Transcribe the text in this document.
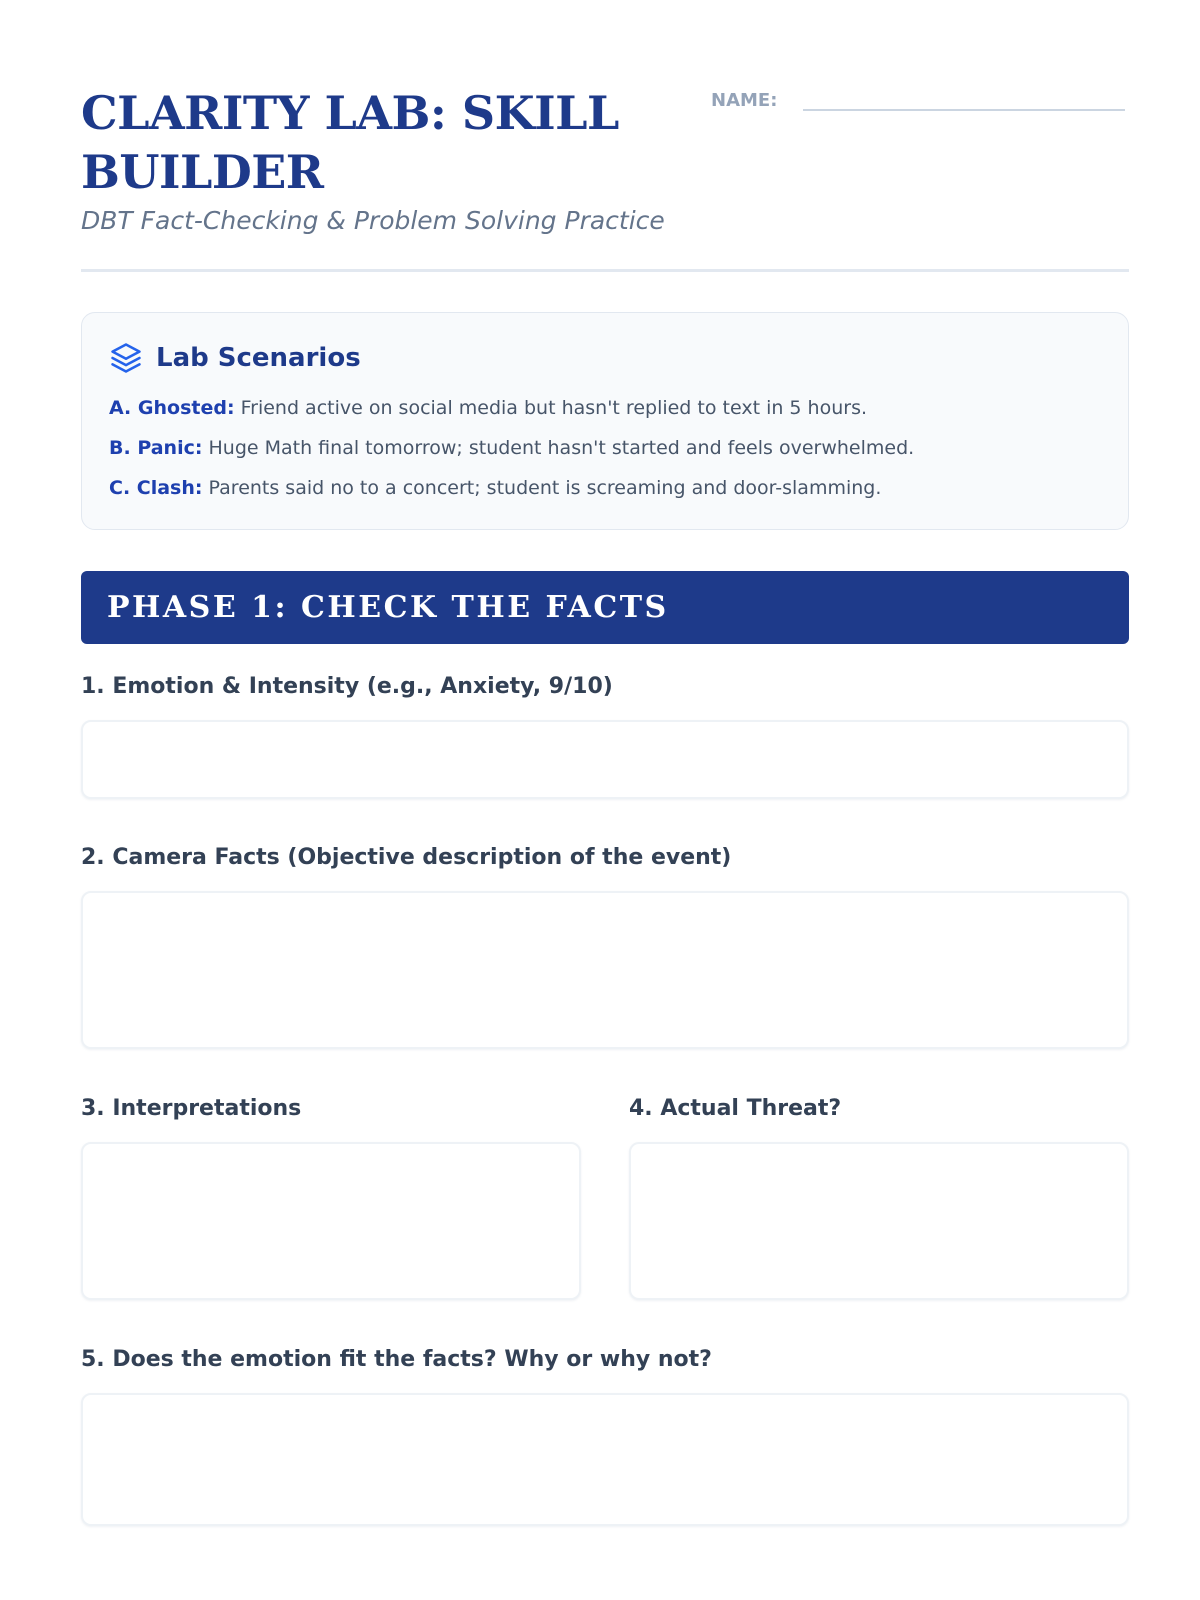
CLARITY LAB: SKILL BUILDER
DBT Fact-Checking & Problem Solving Practice
NAME:
Lab Scenarios
A. Ghosted: Friend active on social media but hasn't replied to text in 5 hours.
B. Panic: Huge Math final tomorrow; student hasn't started and feels overwhelmed.
C. Clash: Parents said no to a concert; student is screaming and door-slamming.
PHASE 1: CHECK THE FACTS
1. Emotion & Intensity (e.g., Anxiety, 9/10)
2. Camera Facts (Objective description of the event)
3. Interpretations	4. Actual Threat?
5. Does the emotion fit the facts? Why or why not?
